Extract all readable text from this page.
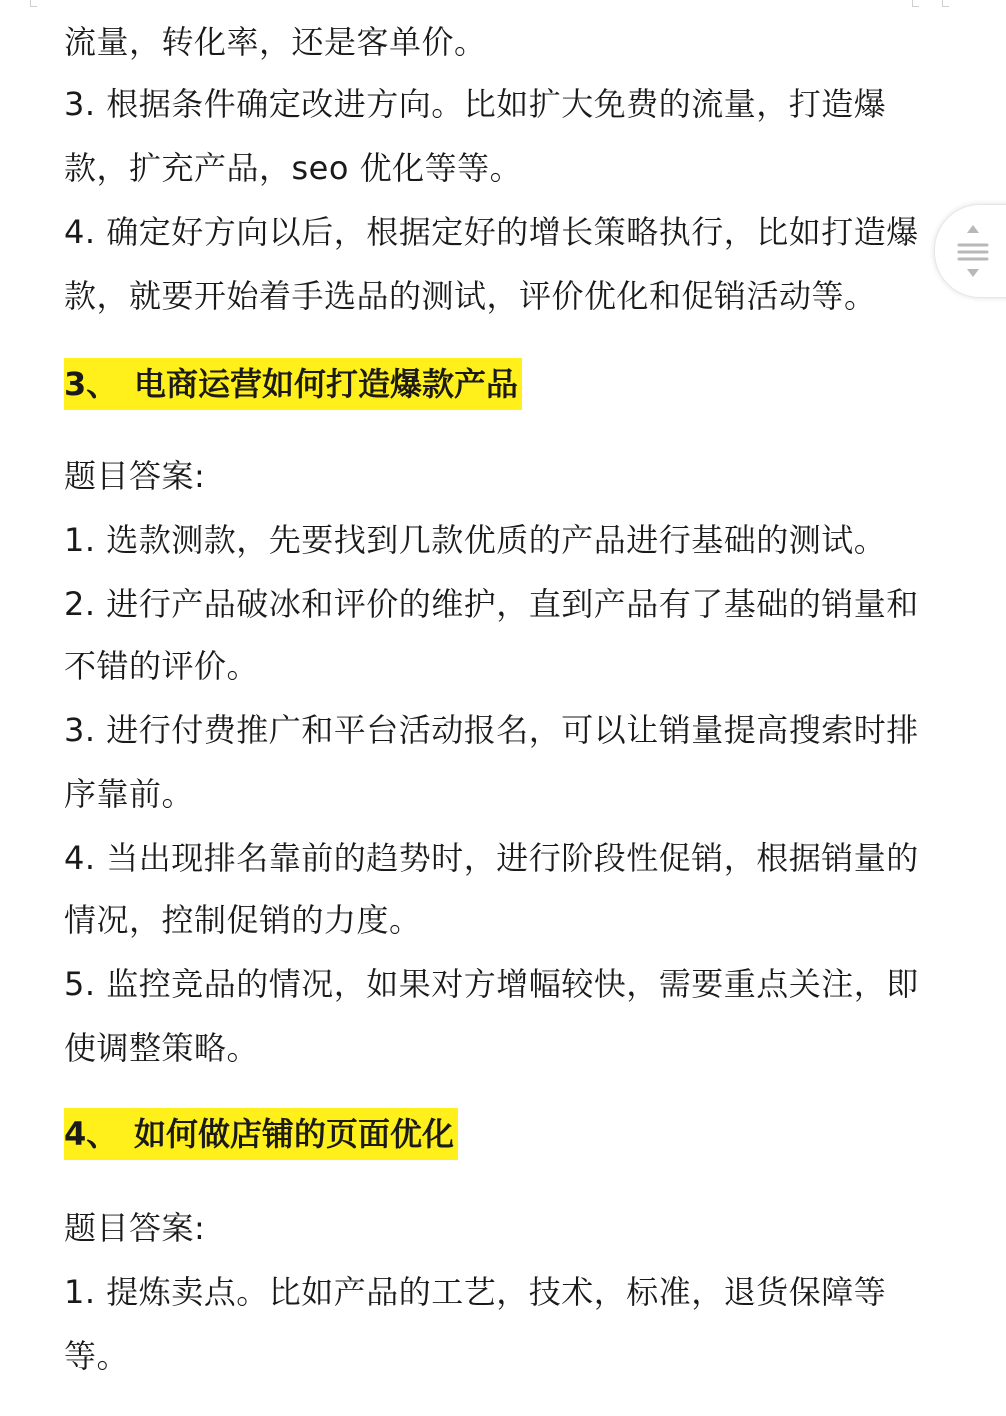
流量，转化率，还是客单价。
3. 根据条件确定改进方向。比如扩大免费的流量，打造爆
款，扩充产品，seo 优化等等。
4. 确定好方向以后，根据定好的增长策略执行，比如打造爆
款，就要开始着手选品的测试，评价优化和促销活动等。
3、 电商运营如何打造爆款产品
题目答案:
1. 选款测款，先要找到几款优质的产品进行基础的测试。
2. 进行产品破冰和评价的维护，直到产品有了基础的销量和
不错的评价。
3. 进行付费推广和平台活动报名，可以让销量提高搜索时排
序靠前。
4. 当出现排名靠前的趋势时，进行阶段性促销，根据销量的
情况，控制促销的力度。
5. 监控竞品的情况，如果对方增幅较快，需要重点关注，即
使调整策略。
4、 如何做店铺的页面优化
题目答案:
1. 提炼卖点。比如产品的工艺，技术，标准，退货保障等
等。
